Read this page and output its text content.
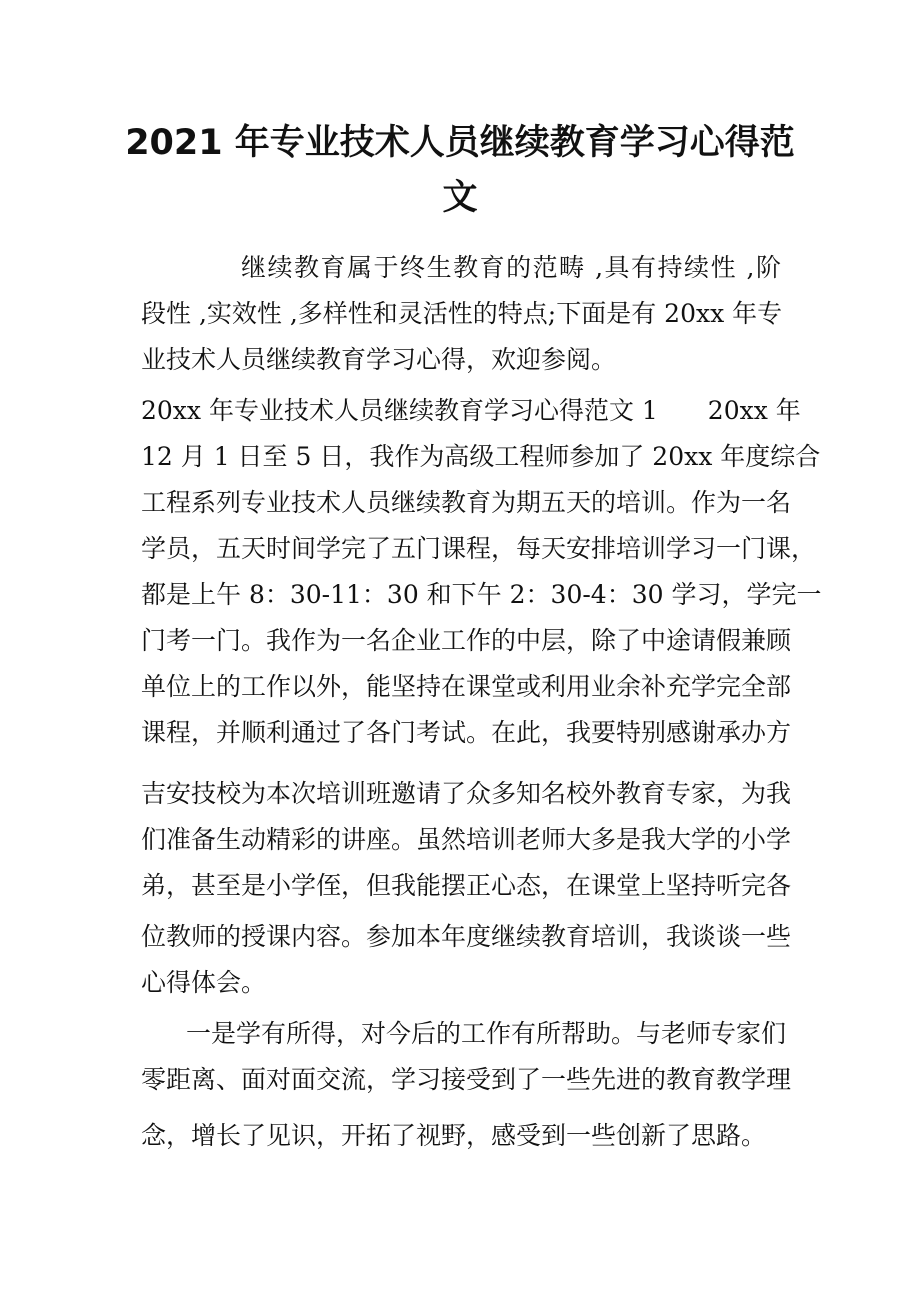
2021 年专业技术人员继续教育学习心得范
文
继续教育属于终生教育的范畴 ,具有持续性 ,阶
段性 ,实效性 ,多样性和灵活性的特点;下面是有 20xx 年专
业技术人员继续教育学习心得，欢迎参阅。
20xx 年专业技术人员继续教育学习心得范文 1　　20xx 年
12 月 1 日至 5 日，我作为高级工程师参加了 20xx 年度综合
工程系列专业技术人员继续教育为期五天的培训。作为一名
学员，五天时间学完了五门课程，每天安排培训学习一门课，
都是上午 8：30-11：30 和下午 2：30-4：30 学习，学完一
门考一门。我作为一名企业工作的中层，除了中途请假兼顾
单位上的工作以外，能坚持在课堂或利用业余补充学完全部
课程，并顺利通过了各门考试。在此，我要特别感谢承办方
吉安技校为本次培训班邀请了众多知名校外教育专家，为我
们准备生动精彩的讲座。虽然培训老师大多是我大学的小学
弟，甚至是小学侄，但我能摆正心态，在课堂上坚持听完各
位教师的授课内容。参加本年度继续教育培训，我谈谈一些
心得体会。
一是学有所得，对今后的工作有所帮助。与老师专家们
零距离、面对面交流，学习接受到了一些先进的教育教学理
念，增长了见识，开拓了视野，感受到一些创新了思路。
